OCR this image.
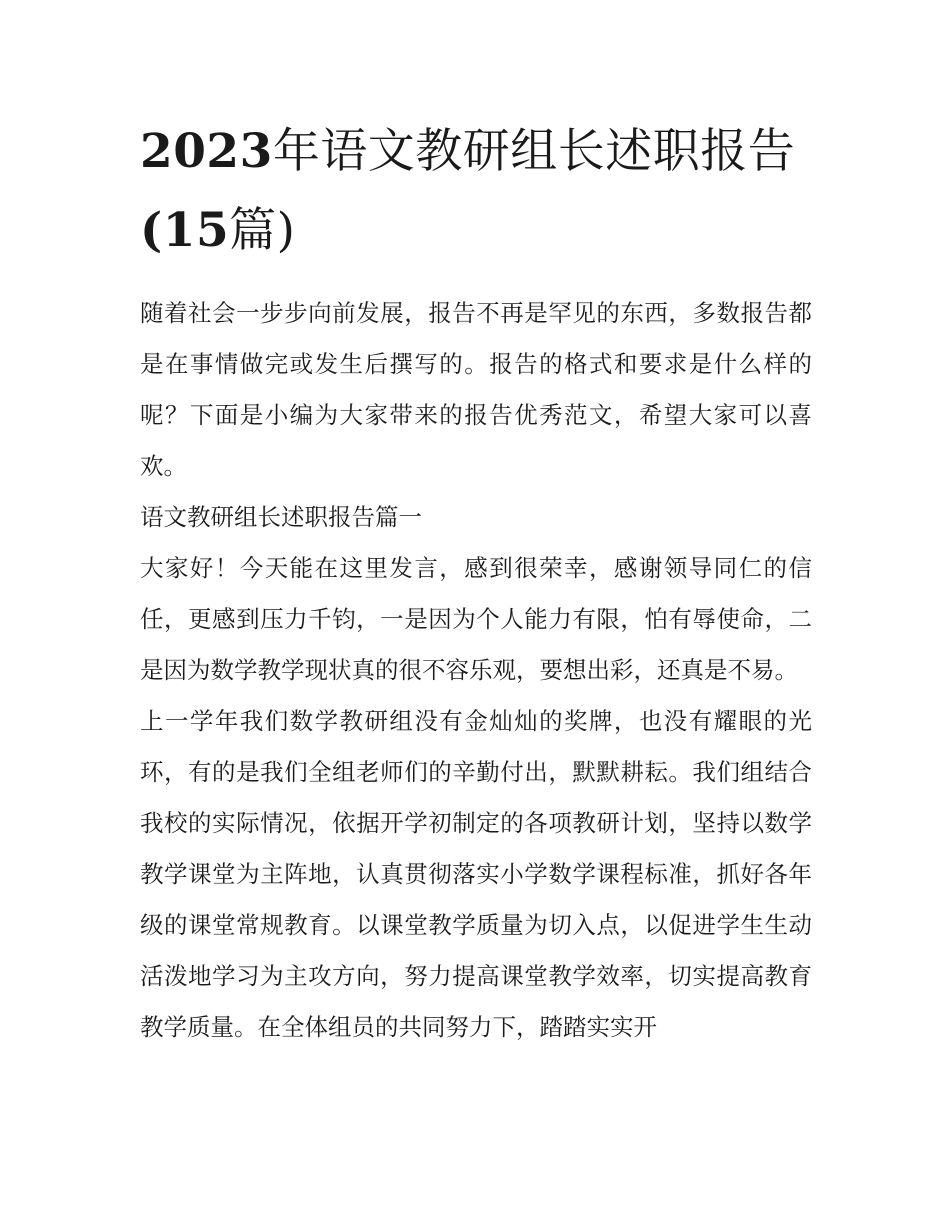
2023年语文教研组长述职报告
(15篇)

随着社会一步步向前发展，报告不再是罕见的东西，多数报告都是在事情做完或发生后撰写的。报告的格式和要求是什么样的呢？下面是小编为大家带来的报告优秀范文，希望大家可以喜欢。

语文教研组长述职报告篇一

大家好！今天能在这里发言，感到很荣幸，感谢领导同仁的信任，更感到压力千钧，一是因为个人能力有限，怕有辱使命，二是因为数学教学现状真的很不容乐观，要想出彩，还真是不易。

上一学年我们数学教研组没有金灿灿的奖牌，也没有耀眼的光环，有的是我们全组老师们的辛勤付出，默默耕耘。我们组结合我校的实际情况，依据开学初制定的各项教研计划，坚持以数学教学课堂为主阵地，认真贯彻落实小学数学课程标准，抓好各年级的课堂常规教育。以课堂教学质量为切入点，以促进学生生动活泼地学习为主攻方向，努力提高课堂教学效率，切实提高教育教学质量。在全体组员的共同努力下，踏踏实实开
